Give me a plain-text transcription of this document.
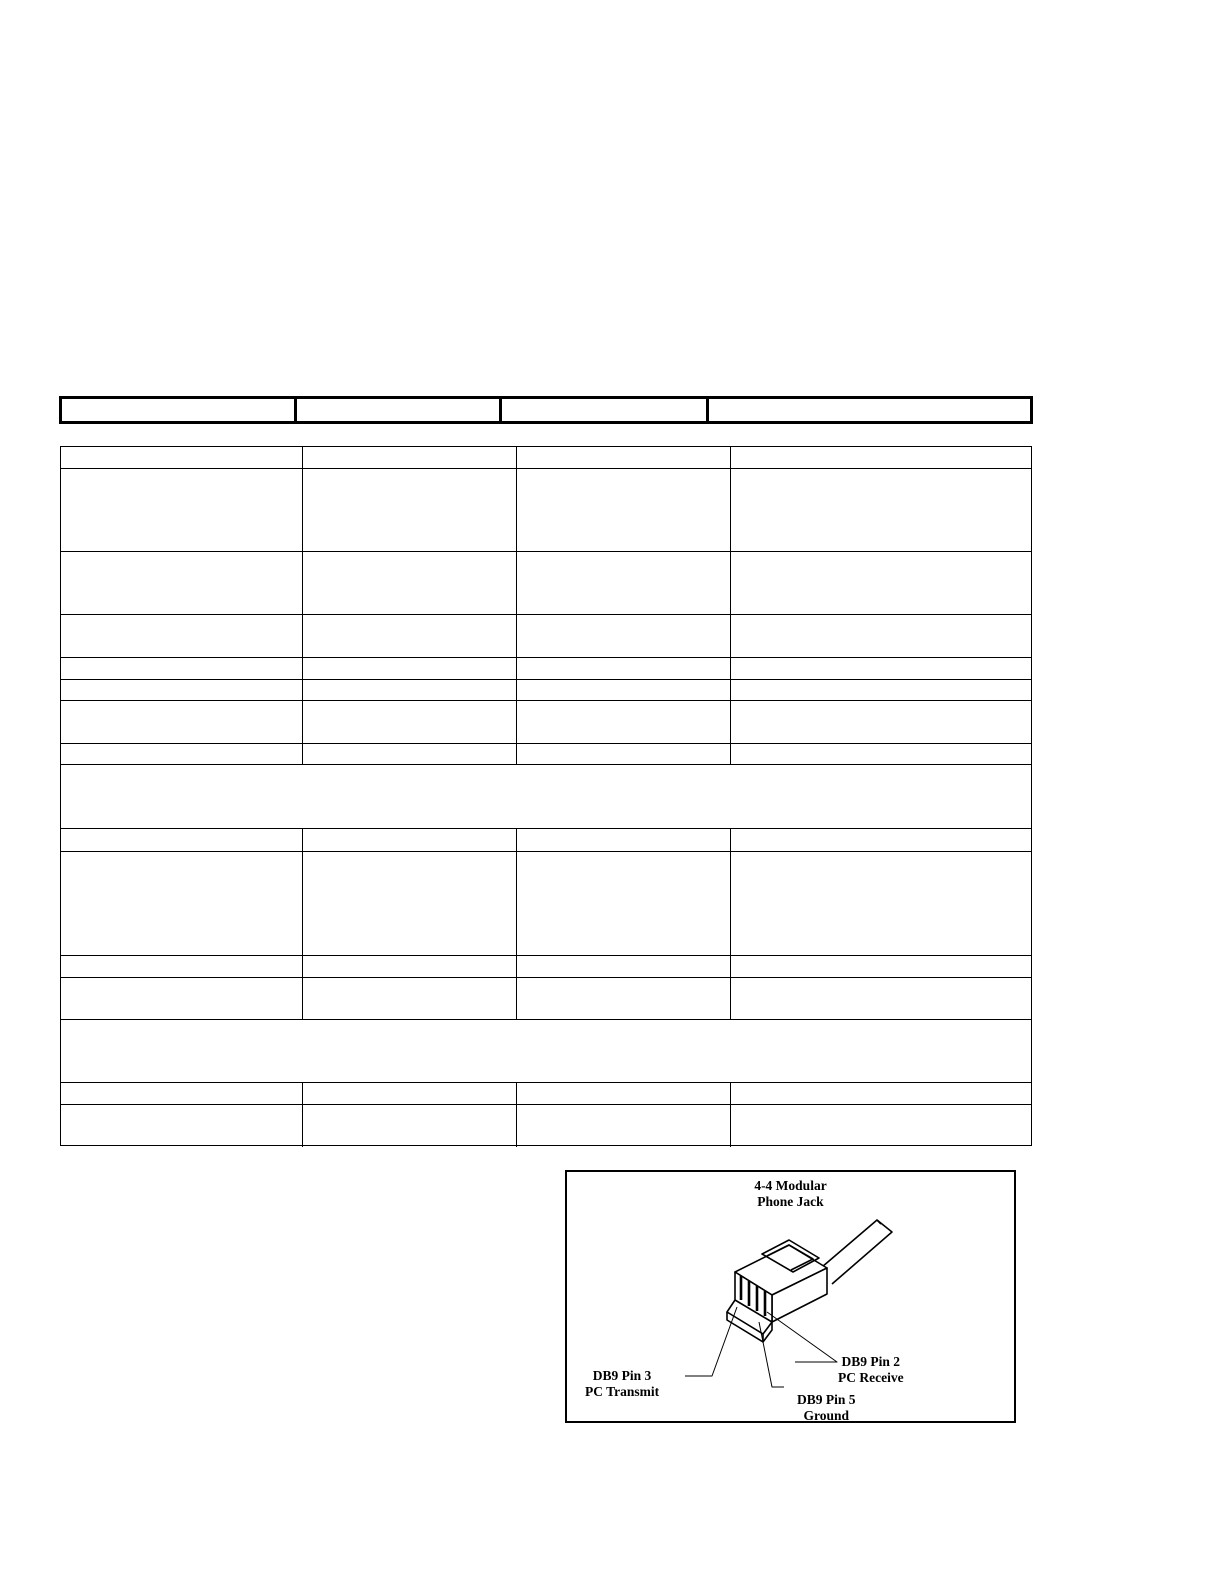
4-4 Modular
Phone Jack
DB9 Pin 3
PC Transmit
DB9 Pin 2
PC Receive
DB9 Pin 5
Ground
